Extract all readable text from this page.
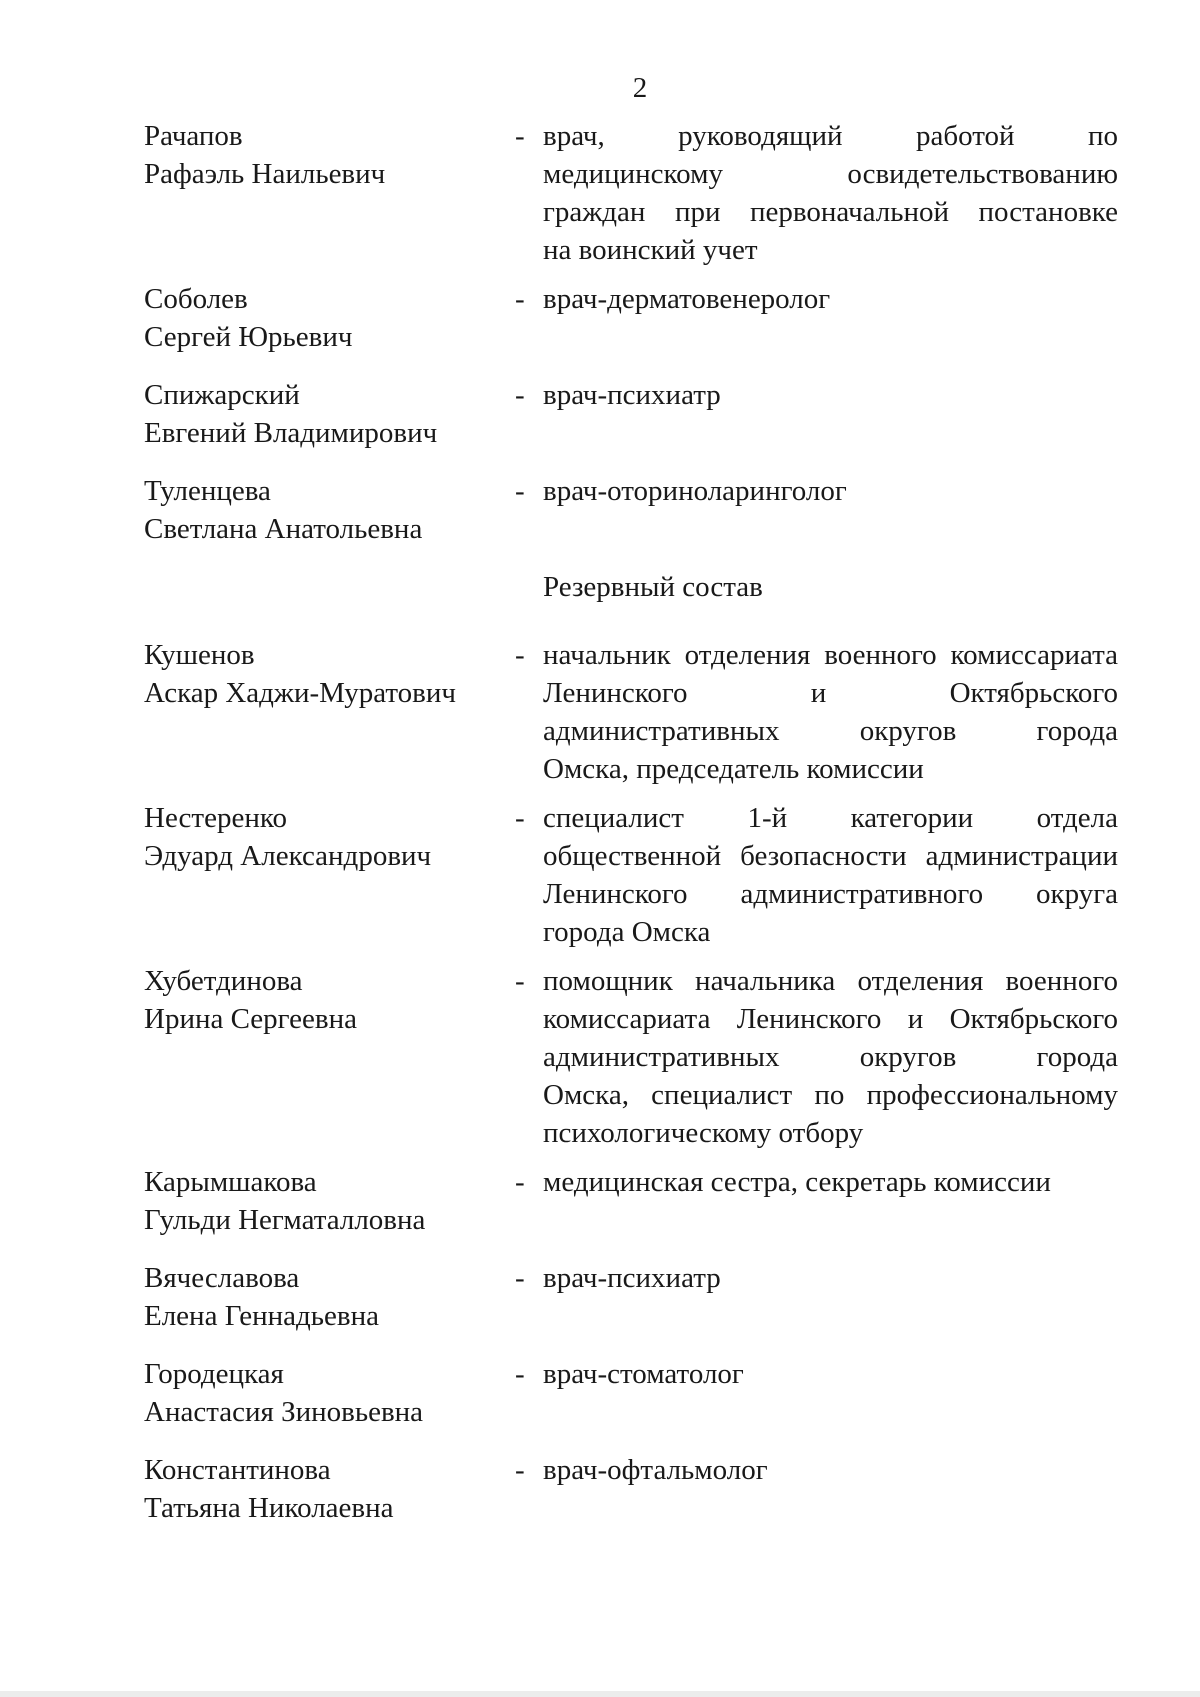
2
Рачапов
Рафаэль Наильевич
- врач, руководящий работой по
медицинскому освидетельствованию
граждан при первоначальной постановке
на воинский учет
Соболев
Сергей Юрьевич
- врач-дерматовенеролог
Спижарский
Евгений Владимирович
- врач-психиатр
Туленцева
Светлана Анатольевна
- врач-оториноларинголог
Резервный состав
Кушенов
Аскар Хаджи-Муратович
- начальник отделения военного комиссариата
Ленинского и Октябрьского
административных округов города
Омска, председатель комиссии
Нестеренко
Эдуард Александрович
- специалист 1-й категории отдела
общественной безопасности администрации
Ленинского административного округа
города Омска
Хубетдинова
Ирина Сергеевна
- помощник начальника отделения военного
комиссариата Ленинского и Октябрьского
административных округов города
Омска, специалист по профессиональному
психологическому отбору
Карымшакова
Гульди Негматалловна
- медицинская сестра, секретарь комиссии
Вячеславова
Елена Геннадьевна
- врач-психиатр
Городецкая
Анастасия Зиновьевна
- врач-стоматолог
Константинова
Татьяна Николаевна
- врач-офтальмолог
